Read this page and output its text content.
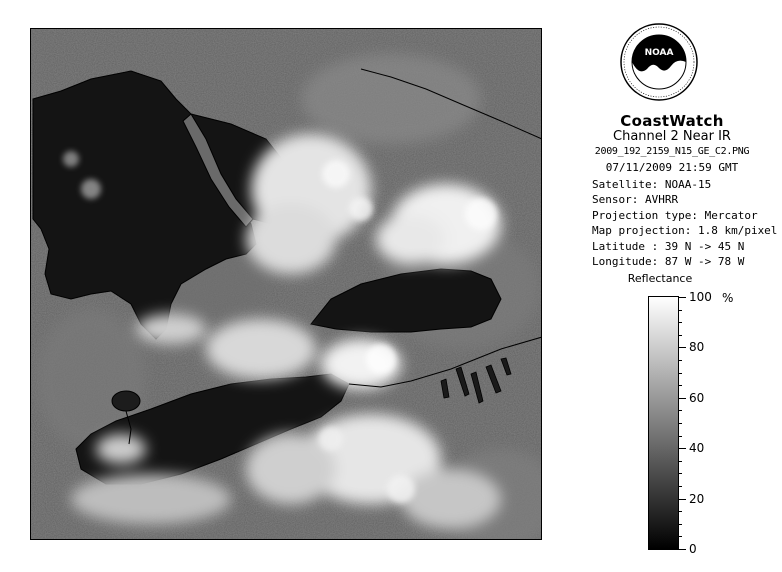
NOAA
CoastWatch
Channel 2 Near IR
2009_192_2159_N15_GE_C2.PNG
07/11/2009 21:59 GMT
Satellite: NOAA-15
Sensor: AVHRR
Projection type: Mercator
Map projection: 1.8 km/pixel
Latitude : 39 N -> 45 N
Longitude: 87 W -> 78 W
Reflectance
%
100
80
60
40
20
0
